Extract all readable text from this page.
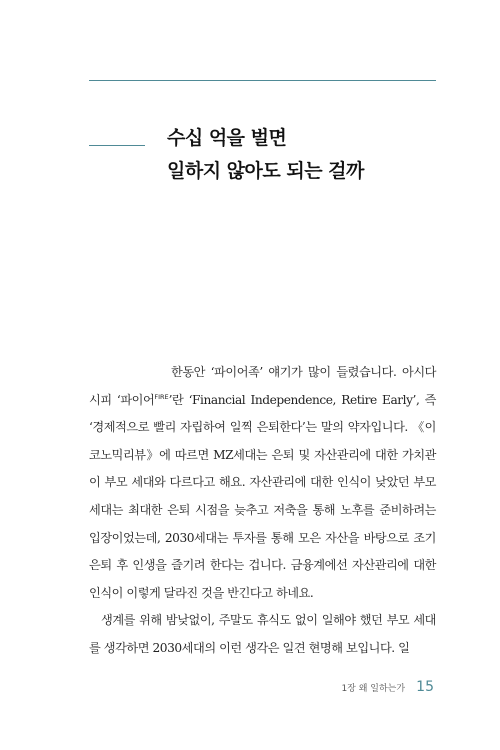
수십 억을 벌면
일하지 않아도 되는 걸까

한동안 ‘파이어족’ 얘기가 많이 들렸습니다. 아시다시피 ‘파이어$^{FIRE}$’란 ‘Financial Independence, Retire Early’, 즉 ‘경제적으로 빨리 자립하여 일찍 은퇴한다’는 말의 약자입니다. 《이코노믹리뷰》에 따르면 MZ세대는 은퇴 및 자산관리에 대한 가치관이 부모 세대와 다르다고 해요. 자산관리에 대한 인식이 낮았던 부모 세대는 최대한 은퇴 시점을 늦추고 저축을 통해 노후를 준비하려는 입장이었는데, 2030세대는 투자를 통해 모은 자산을 바탕으로 조기은퇴 후 인생을 즐기려 한다는 겁니다. 금융계에선 자산관리에 대한 인식이 이렇게 달라진 것을 반긴다고 하네요.

생계를 위해 밤낮없이, 주말도 휴식도 없이 일해야 했던 부모 세대를 생각하면 2030세대의 이런 생각은 일견 현명해 보입니다. 일

1장 왜 일하는가 15
